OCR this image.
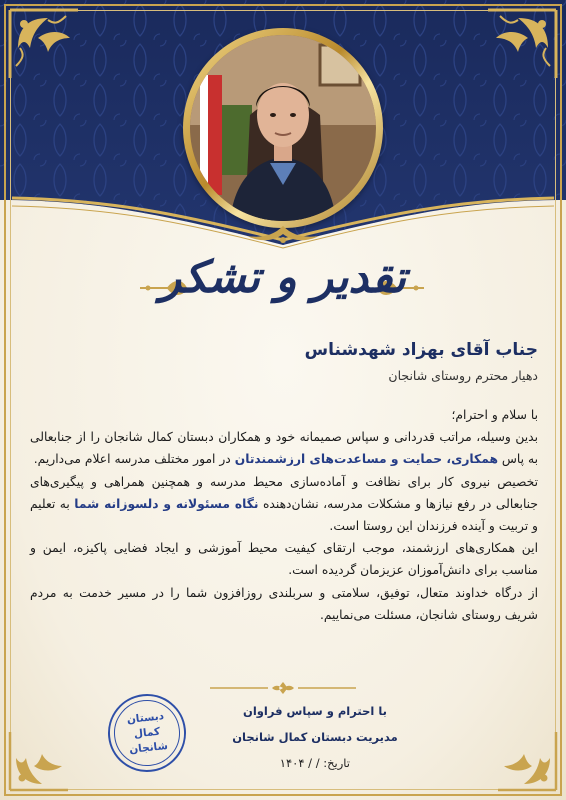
تقدیر و تشکر
جناب آقای بهزاد شهدشناس
دهیار محترم روستای شانجان

با سلام و احترام؛

بدین وسیله، مراتب قدردانی و سپاس صمیمانه خود و همکاران دبستان کمال شانجان را از جنابعالی به پاس همکاری، حمایت و مساعدت‌های ارزشمندتان در امور مختلف مدرسه اعلام می‌داریم.

تخصیص نیروی کار برای نظافت و آماده‌سازی محیط مدرسه و همچنین همراهی و پیگیری‌های جنابعالی در رفع نیازها و مشکلات مدرسه، نشان‌دهنده نگاه مسئولانه و دلسوزانه شما به تعلیم و تربیت و آینده فرزندان این روستا است.

این همکاری‌های ارزشمند، موجب ارتقای کیفیت محیط آموزشی و ایجاد فضایی پاکیزه، ایمن و مناسب برای دانش‌آموزان عزیزمان گردیده است.

از درگاه خداوند متعال، توفیق، سلامتی و سربلندی روزافزون شما را در مسیر خدمت به مردم شریف روستای شانجان، مسئلت می‌نماییم.

دبستان
کمال
شانجان
با احترام و سپاس فراوان
مدیریت دبستان کمال شانجان
تاریخ: / / ۱۴۰۴
